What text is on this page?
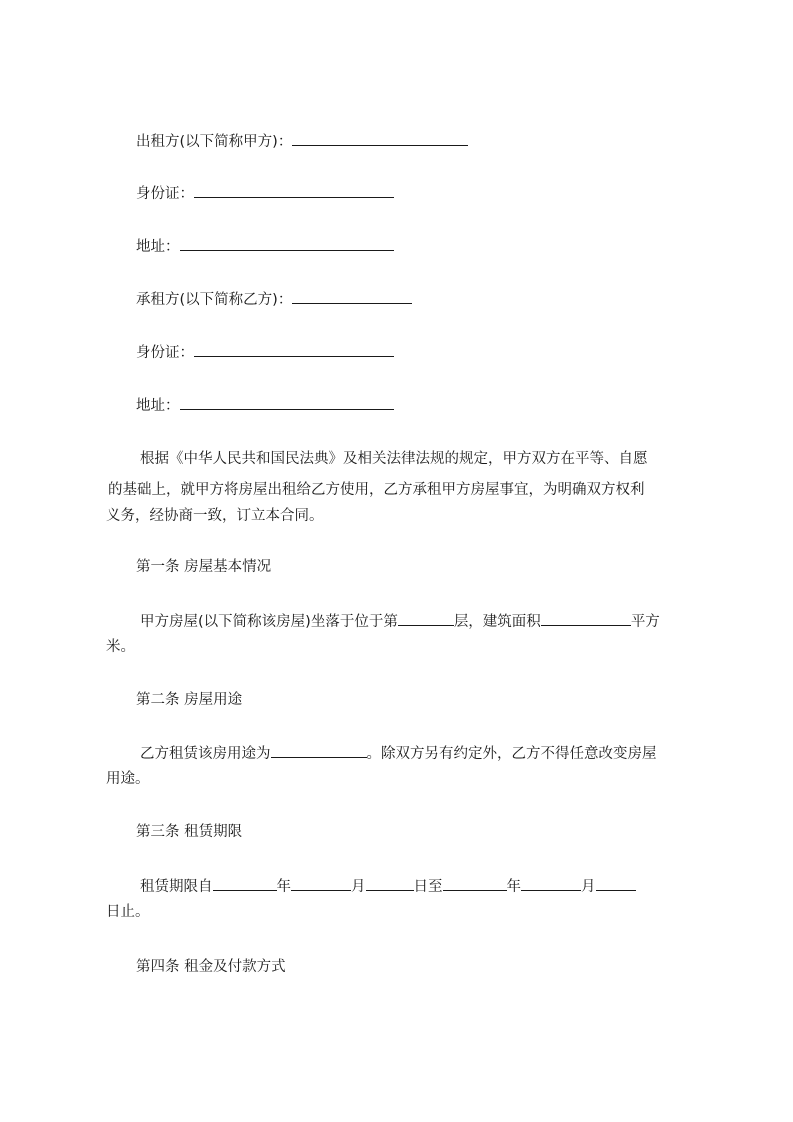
出租方(以下简称甲方)：
身份证：
地址：
承租方(以下简称乙方)：
身份证：
地址：
根据《中华人民共和国民法典》及相关法律法规的规定，甲方双方在平等、自愿
的基础上，就甲方将房屋出租给乙方使用，乙方承租甲方房屋事宜，为明确双方权利
义务，经协商一致，订立本合同。
第一条 房屋基本情况
甲方房屋(以下简称该房屋)坐落于位于第	层，建筑面积	平方
米。
第二条 房屋用途
乙方租赁该房用途为	。除双方另有约定外，乙方不得任意改变房屋
用途。
第三条 租赁期限
租赁期限自	年	月	日至	年	月
日止。
第四条 租金及付款方式
